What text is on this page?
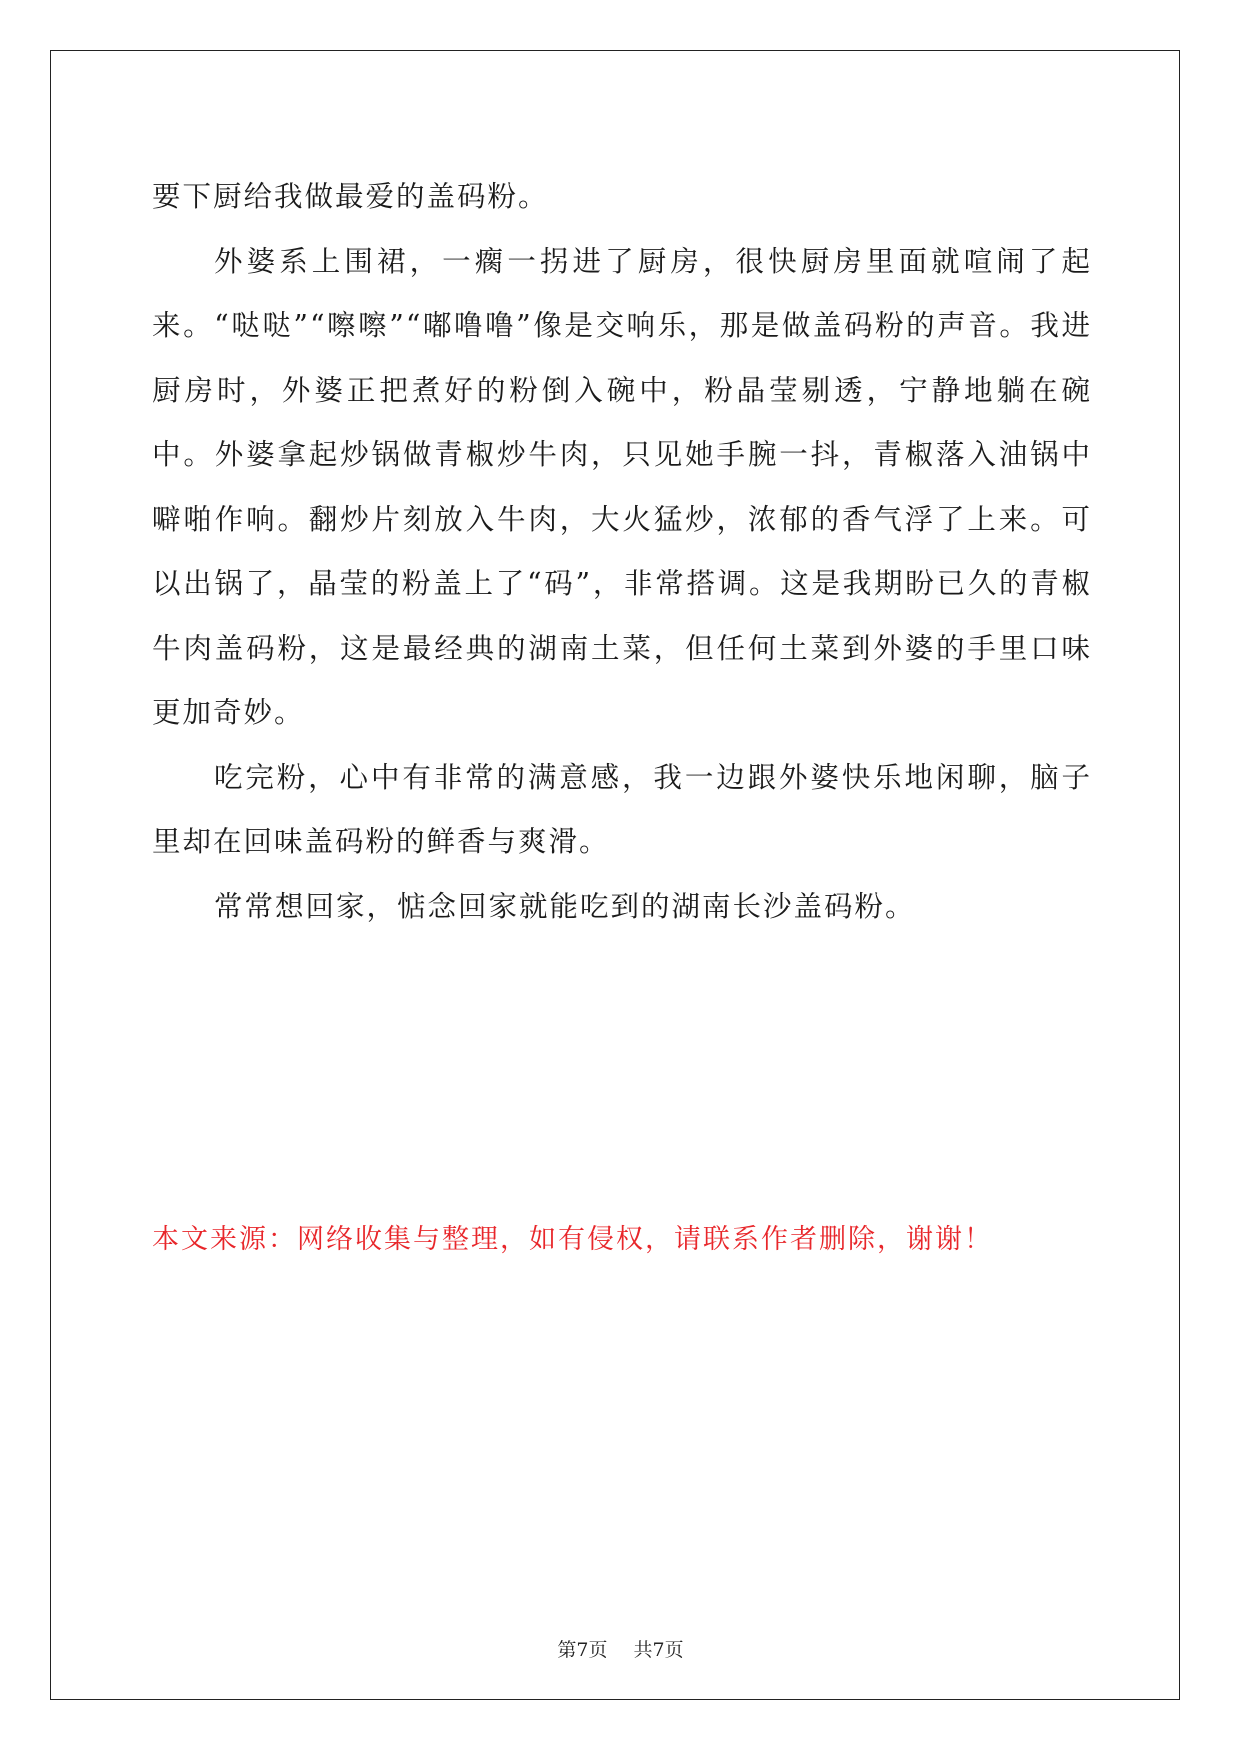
要下厨给我做最爱的盖码粉。

外婆系上围裙，一瘸一拐进了厨房，很快厨房里面就喧闹了起来。“哒哒”“嚓嚓”“嘟噜噜”像是交响乐，那是做盖码粉的声音。我进厨房时，外婆正把煮好的粉倒入碗中，粉晶莹剔透，宁静地躺在碗中。外婆拿起炒锅做青椒炒牛肉，只见她手腕一抖，青椒落入油锅中噼啪作响。翻炒片刻放入牛肉，大火猛炒，浓郁的香气浮了上来。可以出锅了，晶莹的粉盖上了“码”，非常搭调。这是我期盼已久的青椒牛肉盖码粉，这是最经典的湖南土菜，但任何土菜到外婆的手里口味更加奇妙。

吃完粉，心中有非常的满意感，我一边跟外婆快乐地闲聊，脑子里却在回味盖码粉的鲜香与爽滑。

常常想回家，惦念回家就能吃到的湖南长沙盖码粉。

本文来源：网络收集与整理，如有侵权，请联系作者删除，谢谢！

第7页 共7页
